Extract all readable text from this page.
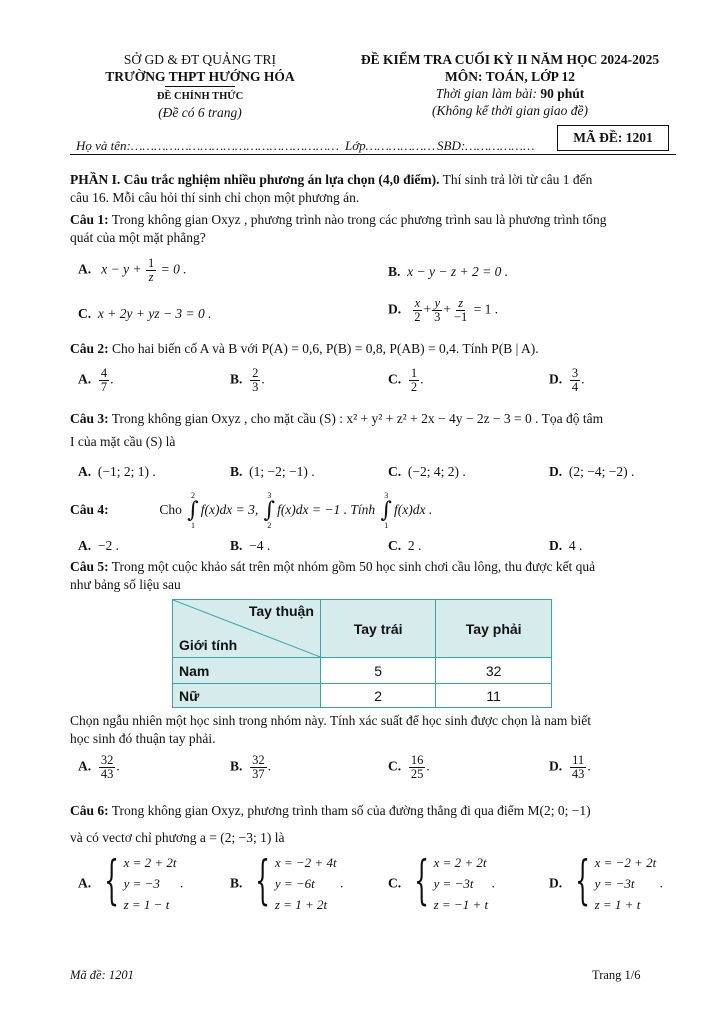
SỞ GD & ĐT QUẢNG TRỊ
TRƯỜNG THPT HƯỚNG HÓA
ĐỀ CHÍNH THỨC
(Đề có 6 trang)
ĐỀ KIỂM TRA CUỐI KỲ II NĂM HỌC 2024-2025
MÔN: TOÁN, LỚP 12
Thời gian làm bài: 90 phút
(Không kể thời gian giao đề)
MÃ ĐỀ: 1201
Họ và tên:……………………………………………… Lớp……………… SBD:………………
PHẦN I. Câu trắc nghiệm nhiều phương án lựa chọn (4,0 điểm). Thí sinh trả lời từ câu 1 đến
câu 16. Mỗi câu hỏi thí sinh chỉ chọn một phương án.
Câu 1: Trong không gian Oxyz , phương trình nào trong các phương trình sau là phương trình tổng
quát của một mặt phẳng?
A. $x - y + \frac{1}{z} = 0$ .	B. x − y − z + 2 = 0 .
C. x + 2y + yz − 3 = 0 .	D. $\frac{x}{2} + \frac{y}{3} + \frac{z}{-1} = 1$ .
Câu 2: Cho hai biến cố A và B với P(A) = 0,6, P(B) = 0,8, P(AB) = 0,4. Tính P(B | A).
A. $\frac{4}{7}$ .	B. $\frac{2}{3}$ .	C. $\frac{1}{2}$ .	D. $\frac{3}{4}$ .
Câu 3: Trong không gian Oxyz , cho mặt cầu (S) : x² + y² + z² + 2x − 4y − 2z − 3 = 0 . Tọa độ tâm
I của mặt cầu (S) là
A. (−1; 2; 1) .	B. (1; −2; −1) .	C. (−2; 4; 2) .	D. (2; −4; −2) .
Câu 4:	Cho
2
∫
1
f(x)dx = 3,
3
∫
2
f(x)dx = −1 . Tính
3
∫
1
f(x)dx .
A. −2 .	B. −4 .	C. 2 .	D. 4 .
Câu 5: Trong một cuộc khảo sát trên một nhóm gồm 50 học sinh chơi cầu lông, thu được kết quả
như bảng số liệu sau
Tay thuận
Giới tính	Tay trái	Tay phải
Nam	5	32
Nữ	2	11
Chọn ngẫu nhiên một học sinh trong nhóm này. Tính xác suất để học sinh được chọn là nam biết
học sinh đó thuận tay phải.
A. $\frac{32}{43}$ .	B. $\frac{32}{37}$ .	C. $\frac{16}{25}$ .	D. $\frac{11}{43}$ .
Câu 6: Trong không gian Oxyz, phương trình tham số của đường thẳng đi qua điểm M(2; 0; −1)
và có vectơ chỉ phương a = (2; −3; 1) là
A. { x = 2 + 2t
y = −3
z = 1 − t
.	B. { x = −2 + 4t
y = −6t
z = 1 + 2t
.	C. { x = 2 + 2t
y = −3t
z = −1 + t
.	D. { x = −2 + 2t
y = −3t
z = 1 + t
.
Mã đề: 1201	Trang 1/6
